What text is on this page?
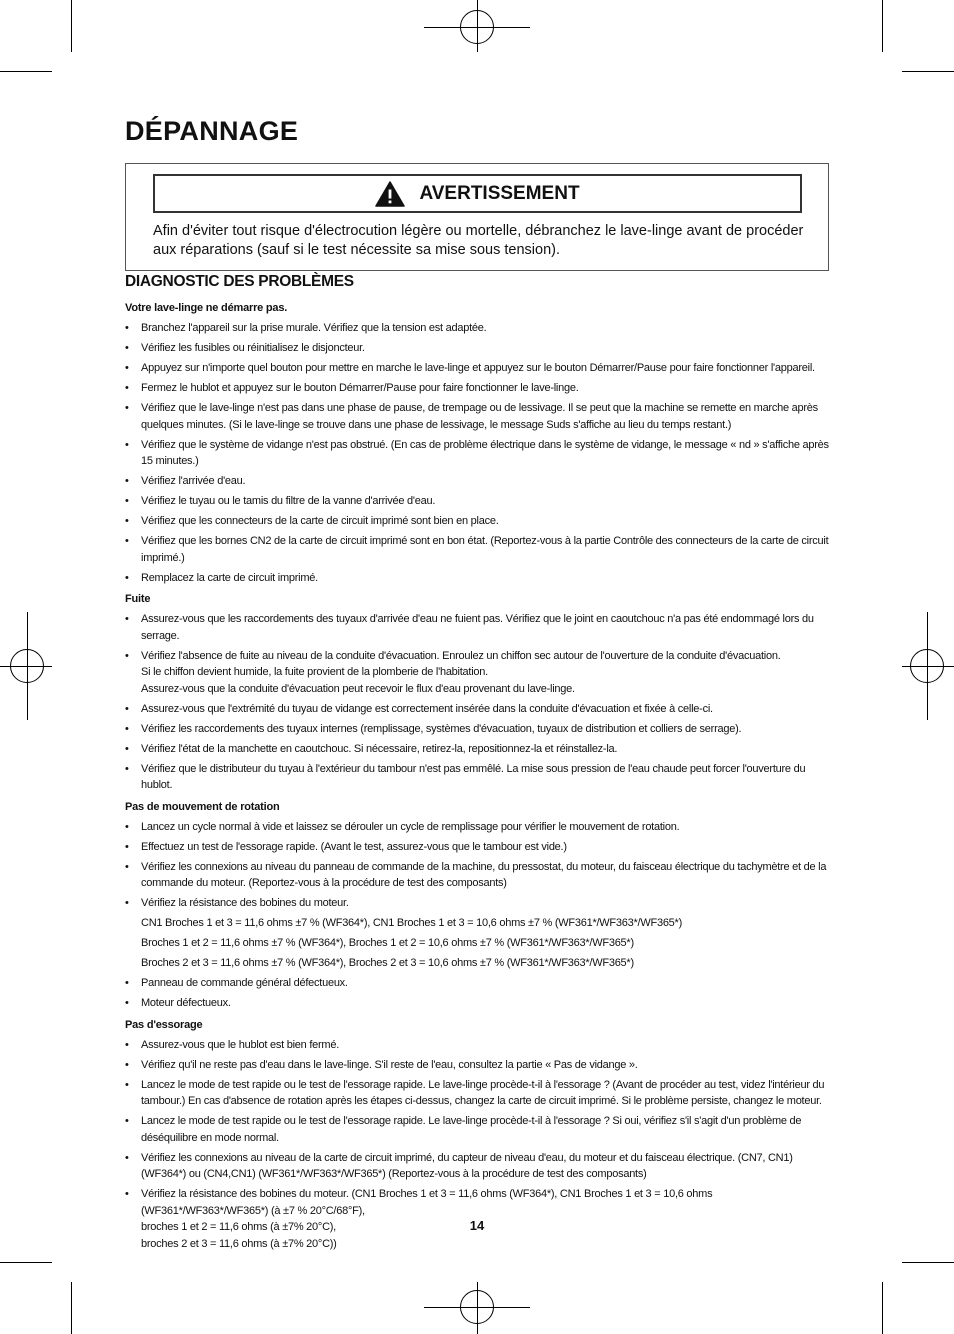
DÉPANNAGE
AVERTISSEMENT

Afin d'éviter tout risque d'électrocution légère ou mortelle, débranchez le lave-linge avant de procéder aux réparations (sauf si le test nécessite sa mise sous tension).

DIAGNOSTIC DES PROBLÈMES
Votre lave-linge ne démarre pas.
• Branchez l'appareil sur la prise murale. Vérifiez que la tension est adaptée.
• Vérifiez les fusibles ou réinitialisez le disjoncteur.
• Appuyez sur n'importe quel bouton pour mettre en marche le lave-linge et appuyez sur le bouton Démarrer/Pause pour faire fonctionner l'appareil.
• Fermez le hublot et appuyez sur le bouton Démarrer/Pause pour faire fonctionner le lave-linge.
• Vérifiez que le lave-linge n'est pas dans une phase de pause, de trempage ou de lessivage. Il se peut que la machine se remette en marche après quelques minutes. (Si le lave-linge se trouve dans une phase de lessivage, le message Suds s'affiche au lieu du temps restant.)
• Vérifiez que le système de vidange n'est pas obstrué. (En cas de problème électrique dans le système de vidange, le message « nd » s'affiche après
15 minutes.)
• Vérifiez l'arrivée d'eau.
• Vérifiez le tuyau ou le tamis du filtre de la vanne d'arrivée d'eau.
• Vérifiez que les connecteurs de la carte de circuit imprimé sont bien en place.
• Vérifiez que les bornes CN2 de la carte de circuit imprimé sont en bon état. (Reportez-vous à la partie Contrôle des connecteurs de la carte de circuit imprimé.)
• Remplacez la carte de circuit imprimé.
Fuite
• Assurez-vous que les raccordements des tuyaux d'arrivée d'eau ne fuient pas. Vérifiez que le joint en caoutchouc n'a pas été endommagé lors du serrage.
• Vérifiez l'absence de fuite au niveau de la conduite d'évacuation. Enroulez un chiffon sec autour de l'ouverture de la conduite d'évacuation.
Si le chiffon devient humide, la fuite provient de la plomberie de l'habitation.
Assurez-vous que la conduite d'évacuation peut recevoir le flux d'eau provenant du lave-linge.
• Assurez-vous que l'extrémité du tuyau de vidange est correctement insérée dans la conduite d'évacuation et fixée à celle-ci.
• Vérifiez les raccordements des tuyaux internes (remplissage, systèmes d'évacuation, tuyaux de distribution et colliers de serrage).
• Vérifiez l'état de la manchette en caoutchouc. Si nécessaire, retirez-la, repositionnez-la et réinstallez-la.
• Vérifiez que le distributeur du tuyau à l'extérieur du tambour n'est pas emmêlé. La mise sous pression de l'eau chaude peut forcer l'ouverture du hublot.
Pas de mouvement de rotation
• Lancez un cycle normal à vide et laissez se dérouler un cycle de remplissage pour vérifier le mouvement de rotation.
• Effectuez un test de l'essorage rapide. (Avant le test, assurez-vous que le tambour est vide.)
• Vérifiez les connexions au niveau du panneau de commande de la machine, du pressostat, du moteur, du faisceau électrique du tachymètre et de la commande du moteur. (Reportez-vous à la procédure de test des composants)
• Vérifiez la résistance des bobines du moteur.
CN1 Broches 1 et 3 = 11,6 ohms ±7 % (WF364*), CN1 Broches 1 et 3 = 10,6 ohms ±7 % (WF361*/WF363*/WF365*)
Broches 1 et 2 = 11,6 ohms ±7 % (WF364*), Broches 1 et 2 = 10,6 ohms ±7 % (WF361*/WF363*/WF365*)
Broches 2 et 3 = 11,6 ohms ±7 % (WF364*), Broches 2 et 3 = 10,6 ohms ±7 % (WF361*/WF363*/WF365*)
• Panneau de commande général défectueux.
• Moteur défectueux.
Pas d'essorage
• Assurez-vous que le hublot est bien fermé.
• Vérifiez qu'il ne reste pas d'eau dans le lave-linge. S'il reste de l'eau, consultez la partie « Pas de vidange ».
• Lancez le mode de test rapide ou le test de l'essorage rapide. Le lave-linge procède-t-il à l'essorage ? (Avant de procéder au test, videz l'intérieur du tambour.) En cas d'absence de rotation après les étapes ci-dessus, changez la carte de circuit imprimé. Si le problème persiste, changez le moteur.
• Lancez le mode de test rapide ou le test de l'essorage rapide. Le lave-linge procède-t-il à l'essorage ? Si oui, vérifiez s'il s'agit d'un problème de déséquilibre en mode normal.
• Vérifiez les connexions au niveau de la carte de circuit imprimé, du capteur de niveau d'eau, du moteur et du faisceau électrique. (CN7, CN1) (WF364*) ou (CN4,CN1) (WF361*/WF363*/WF365*) (Reportez-vous à la procédure de test des composants)
• Vérifiez la résistance des bobines du moteur. (CN1 Broches 1 et 3 = 11,6 ohms (WF364*), CN1 Broches 1 et 3 = 10,6 ohms (WF361*/WF363*/WF365*) (à ±7 % 20°C/68°F),
broches 1 et 2 = 11,6 ohms (à ±7% 20°C),
broches 2 et 3 = 11,6 ohms (à ±7% 20°C))
14
